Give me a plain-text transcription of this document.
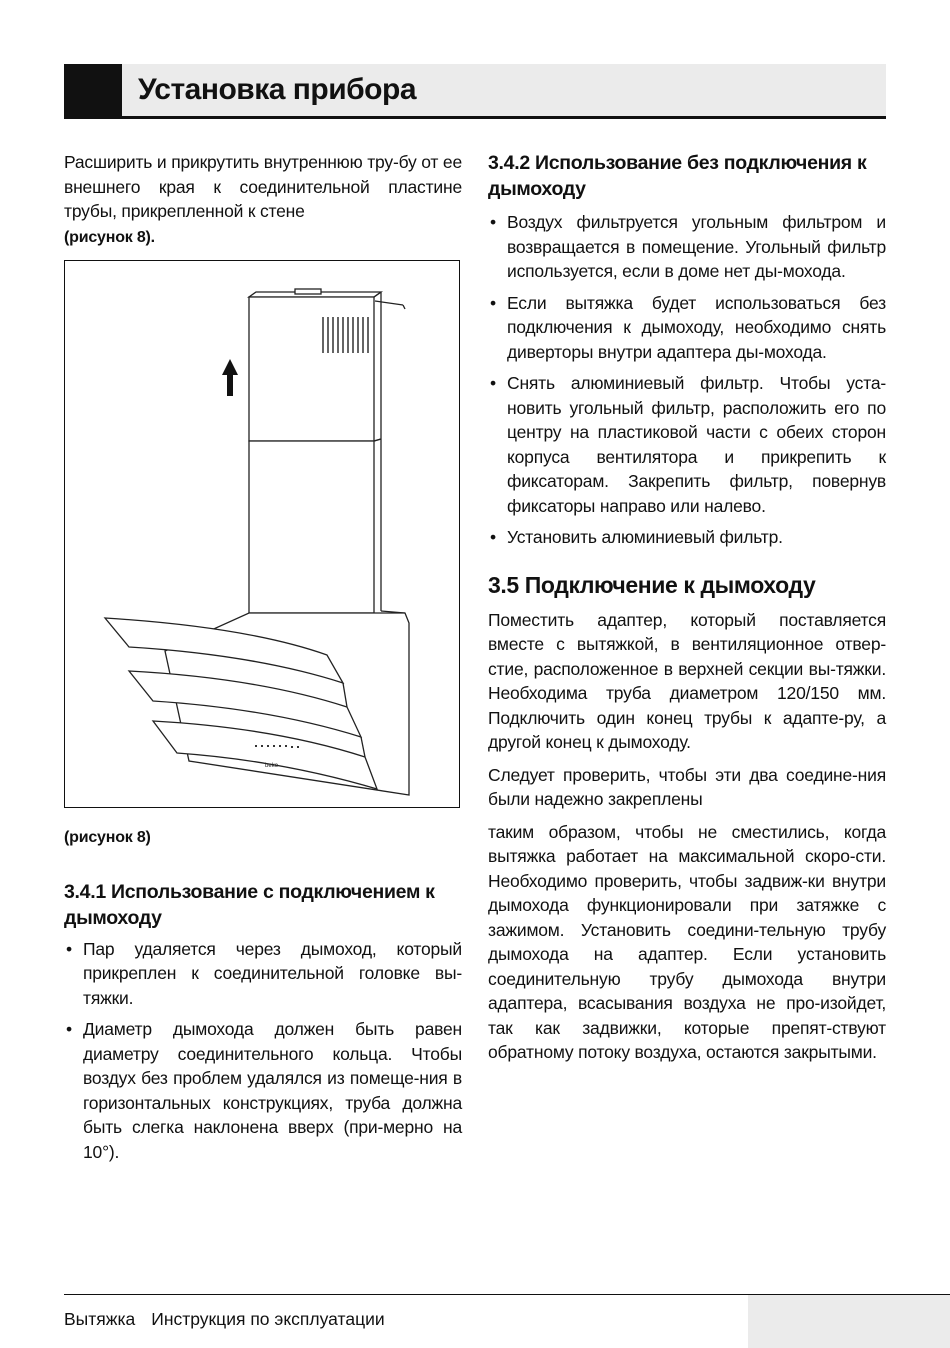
Установка прибора

Расширить и прикрутить внутреннюю тру-бу от ее внешнего края к соединительной пластине трубы, прикрепленной к стене
(рисунок 8).

beko

(рисунок 8)

3.4.1 Использование с подключением к дымоходу
• Пар удаляется через дымоход, который прикреплен к соединительной головке вы-тяжки.
• Диаметр дымохода должен быть равен диаметру соединительного кольца. Чтобы воздух без проблем удалялся из помеще-ния в горизонтальных конструкциях, труба должна быть слегка наклонена вверх (при-мерно на 10°).
3.4.2 Использование без подключения к дымоходу
• Воздух фильтруется угольным фильтром и возвращается в помещение. Угольный фильтр используется, если в доме нет ды-мохода.
• Если вытяжка будет использоваться без подключения к дымоходу, необходимо снять диверторы внутри адаптера ды-мохода.
• Снять алюминиевый фильтр. Чтобы уста-новить угольный фильтр, расположить его по центру на пластиковой части с обеих сторон корпуса вентилятора и прикрепить к фиксаторам. Закрепить фильтр, повернув фиксаторы направо или налево.
• Установить алюминиевый фильтр.
3.5 Подключение к дымоходу

Поместить адаптер, который поставляется вместе с вытяжкой, в вентиляционное отвер-стие, расположенное в верхней секции вы-тяжки. Необходима труба диаметром 120/150 мм. Подключить один конец трубы к адапте-ру, а другой конец к дымоходу.

Следует проверить, чтобы эти два соедине-ния были надежно закреплены

таким образом, чтобы не сместились, когда вытяжка работает на максимальной скоро-сти. Необходимо проверить, чтобы задвиж-ки внутри дымохода функционировали при затяжке с зажимом. Установить соедини-тельную трубу дымохода на адаптер. Если установить соединительную трубу дымохода внутри адаптера, всасывания воздуха не про-изойдет, так как задвижки, которые препят-ствуют обратному потоку воздуха, остаются закрытыми.

Вытяжка Инструкция по эксплуатации
